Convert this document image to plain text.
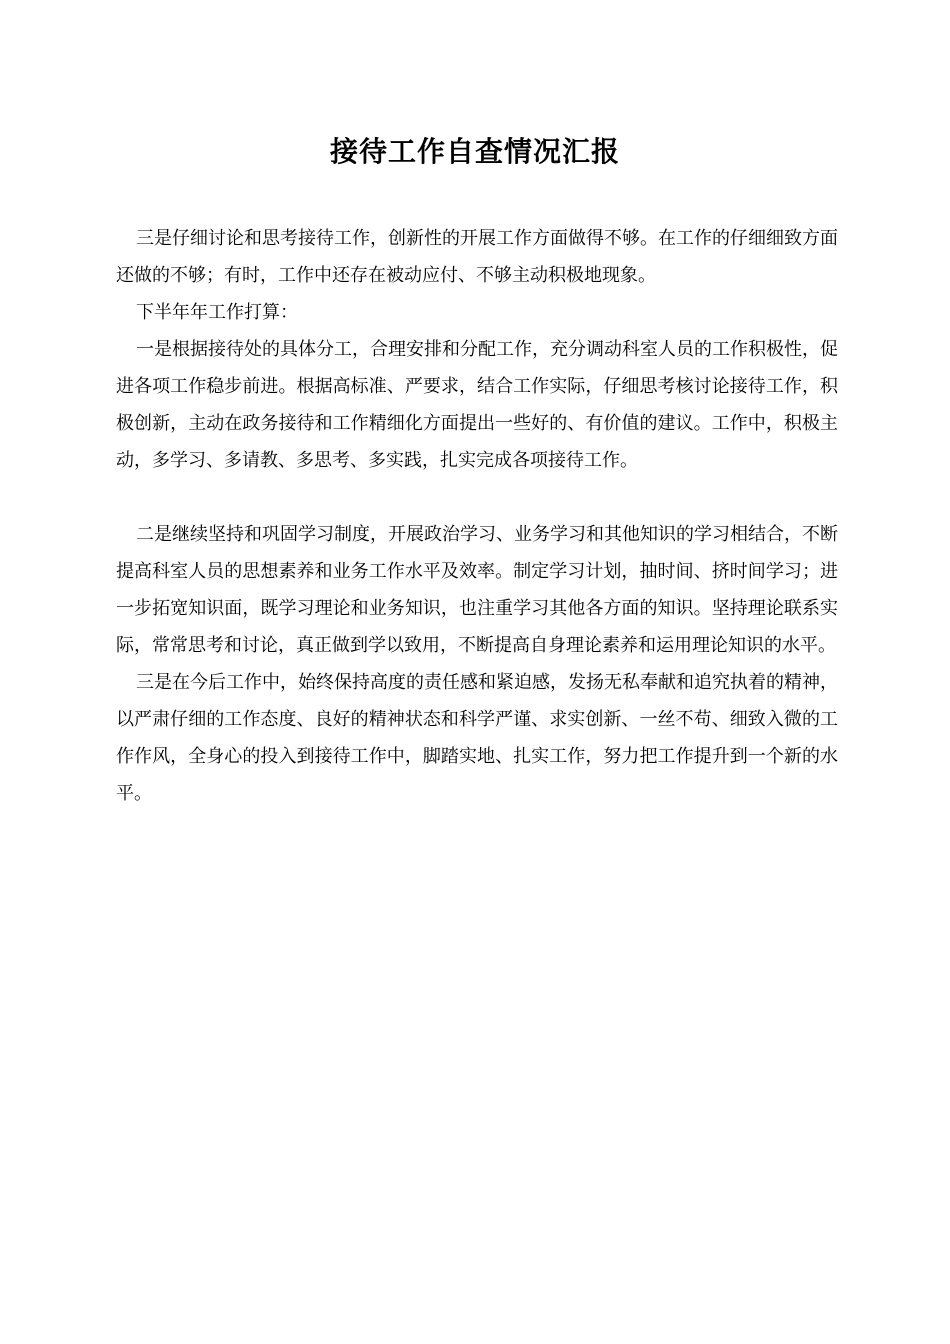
接待工作自查情况汇报

三是仔细讨论和思考接待工作，创新性的开展工作方面做得不够。在工作的仔细细致方面还做的不够；有时，工作中还存在被动应付、不够主动积极地现象。

下半年年工作打算：

一是根据接待处的具体分工，合理安排和分配工作，充分调动科室人员的工作积极性，促进各项工作稳步前进。根据高标准、严要求，结合工作实际，仔细思考核讨论接待工作，积极创新，主动在政务接待和工作精细化方面提出一些好的、有价值的建议。工作中，积极主动，多学习、多请教、多思考、多实践，扎实完成各项接待工作。

二是继续坚持和巩固学习制度，开展政治学习、业务学习和其他知识的学习相结合，不断提高科室人员的思想素养和业务工作水平及效率。制定学习计划，抽时间、挤时间学习；进一步拓宽知识面，既学习理论和业务知识，也注重学习其他各方面的知识。坚持理论联系实际，常常思考和讨论，真正做到学以致用，不断提高自身理论素养和运用理论知识的水平。

三是在今后工作中，始终保持高度的责任感和紧迫感，发扬无私奉献和追究执着的精神，以严肃仔细的工作态度、良好的精神状态和科学严谨、求实创新、一丝不苟、细致入微的工作作风，全身心的投入到接待工作中，脚踏实地、扎实工作，努力把工作提升到一个新的水平。
